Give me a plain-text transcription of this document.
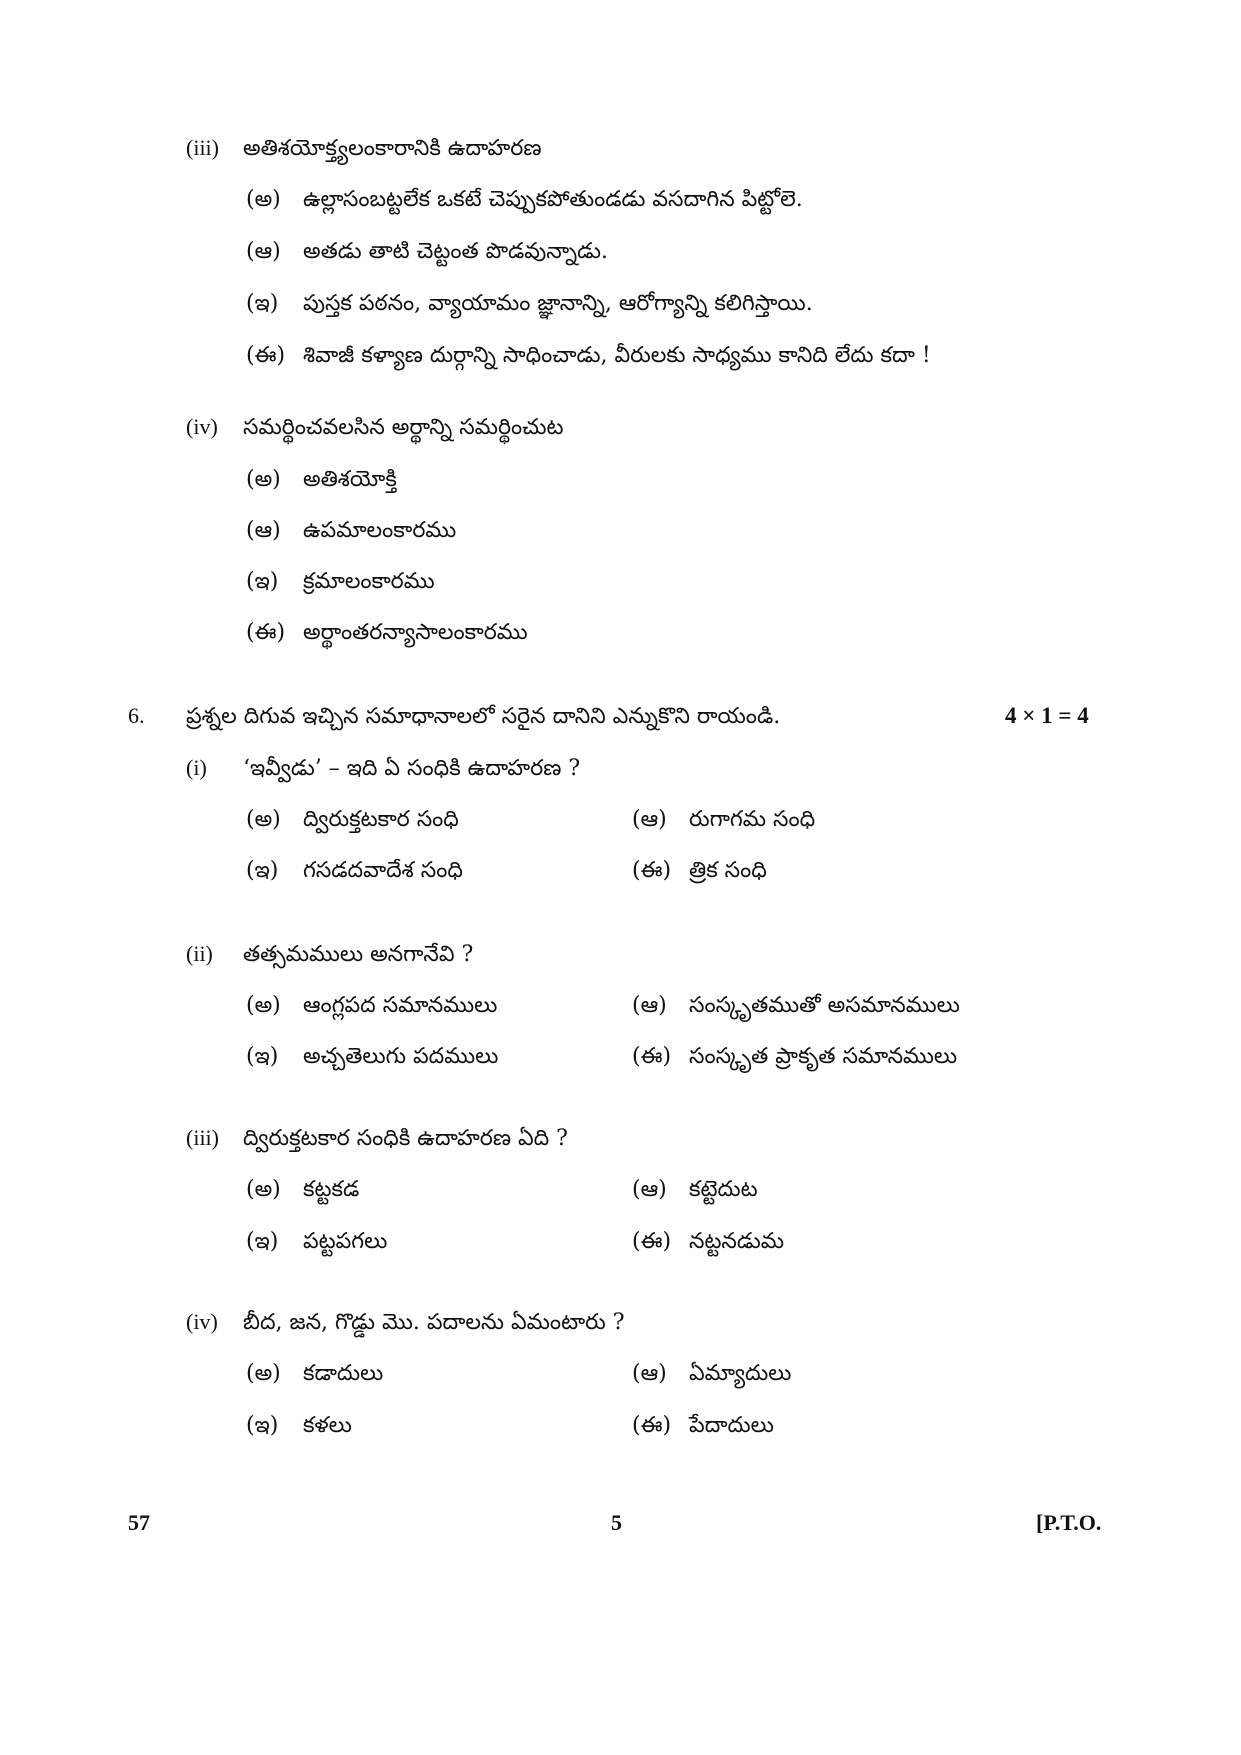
(iii) అతిశయోక్త్యలంకారానికి ఉదాహరణ
(అ) ఉల్లాసంబట్టలేక ఒకటే చెప్పుకపోతుండడు వసదాగిన పిట్టోలె.
(ఆ) అతడు తాటి చెట్టంత పొడవున్నాడు.
(ఇ) పుస్తక పఠనం, వ్యాయామం జ్ఞానాన్ని, ఆరోగ్యాన్ని కలిగిస్తాయి.
(ఈ) శివాజీ కళ్యాణ దుర్గాన్ని సాధించాడు, వీరులకు సాధ్యము కానిది లేదు కదా !
(iv) సమర్థించవలసిన అర్థాన్ని సమర్థించుట
(అ) అతిశయోక్తి
(ఆ) ఉపమాలంకారము
(ఇ) క్రమాలంకారము
(ఈ) అర్థాంతరన్యాసాలంకారము
6. ప్రశ్నల దిగువ ఇచ్చిన సమాధానాలలో సరైన దానిని ఎన్నుకొని రాయండి.	4 × 1 = 4
(i) ‘ఇవ్వీడు’ – ఇది ఏ సంధికి ఉదాహరణ ?
(అ) ద్విరుక్తటకార సంధి	(ఆ) రుగాగమ సంధి
(ఇ) గసడదవాదేశ సంధి	(ఈ) త్రిక సంధి
(ii) తత్సమములు అనగానేవి ?
(అ) ఆంగ్లపద సమానములు	(ఆ) సంస్కృతముతో అసమానములు
(ఇ) అచ్చతెలుగు పదములు	(ఈ) సంస్కృత ప్రాకృత సమానములు
(iii) ద్విరుక్తటకార సంధికి ఉదాహరణ ఏది ?
(అ) కట్టకడ	(ఆ) కట్టెదుట
(ఇ) పట్టపగలు	(ఈ) నట్టనడుమ
(iv) బీద, జన, గొడ్డు మొ. పదాలను ఏమంటారు ?
(అ) కడాదులు	(ఆ) ఏమ్యాదులు
(ఇ) కళలు	(ఈ) పేదాదులు
57	5	[P.T.O.
